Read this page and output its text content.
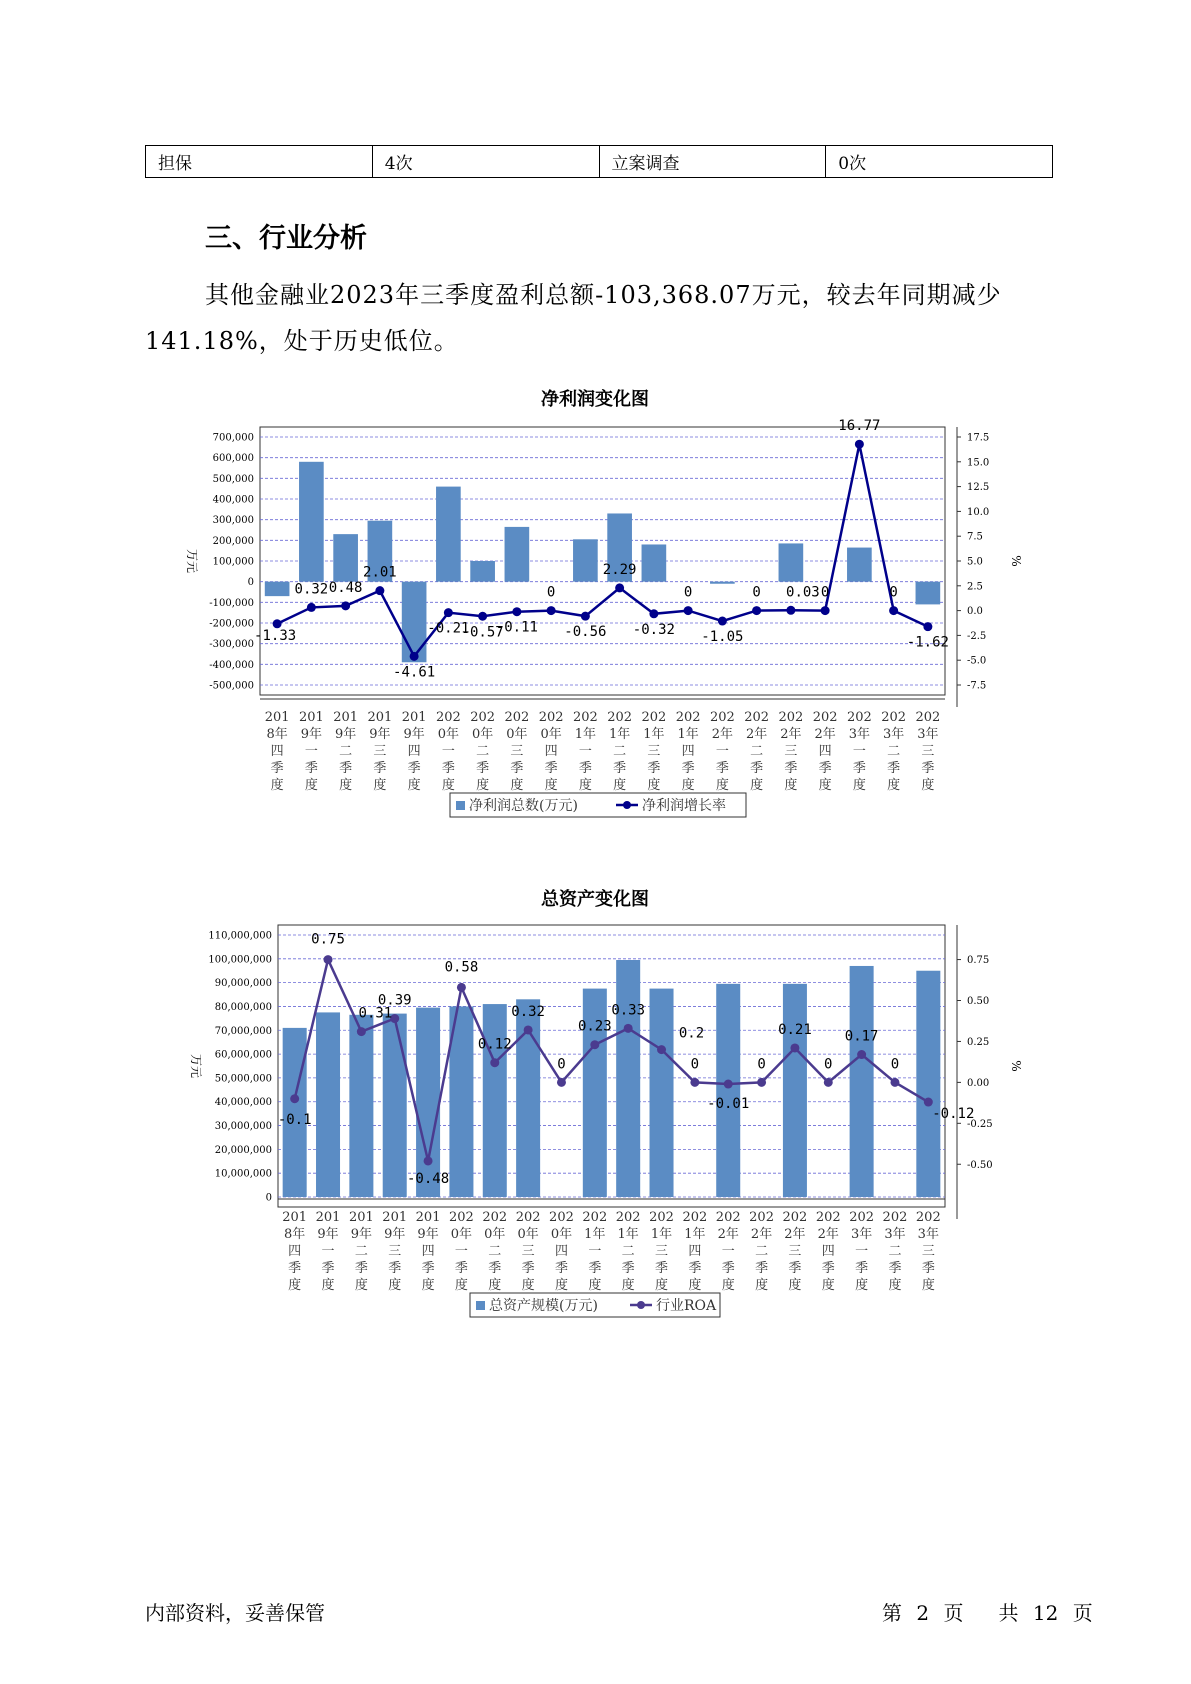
担保	4次	立案调查	0次
三、行业分析

其他金融业2023年三季度盈利总额-103,368.07万元，较去年同期减少141.18%，处于历史低位。

净利润变化图
700,000
600,000
500,000
400,000
300,000
200,000
100,000
0
-100,000
-200,000
-300,000
-400,000
-500,000
万元
17.5
15.0
12.5
10.0
7.5
5.0
2.5
0.0
-2.5
-5.0
-7.5
%
-1.33
0.32 0.48
2.01
-4.61
-0.21
-0.57
-0.11
0
-0.56
2.29
-0.32
0
-1.05
0 0.03 0
16.77
0
-1.62
201
8年
四
季
度
201
9年
一
季
度
201
9年
二
季
度
201
9年
三
季
度
201
9年
四
季
度
202
0年
一
季
度
202
0年
二
季
度
202
0年
三
季
度
202
0年
四
季
度
202
1年
一
季
度
202
1年
二
季
度
202
1年
三
季
度
202
1年
四
季
度
202
2年
一
季
度
202
2年
二
季
度
202
2年
三
季
度
202
2年
四
季
度
202
3年
一
季
度
202
3年
二
季
度
202
3年
三
季
度
净利润总数(万元)	净利润增长率
总资产变化图
110,000,000
100,000,000
90,000,000
80,000,000
70,000,000
60,000,000
50,000,000
40,000,000
30,000,000
20,000,000
10,000,000
0
万元
0.75
0.50
0.25
0.00
-0.25
-0.50
%
-0.1
0.75
0.31
0.39
-0.48
0.58
0.12
0.32
0
0.23
0.33
0.2
0
-0.01
0
0.21
0
0.17
0
-0.12
201
8年
四
季
度
201
9年
一
季
度
201
9年
二
季
度
201
9年
三
季
度
201
9年
四
季
度
202
0年
一
季
度
202
0年
二
季
度
202
0年
三
季
度
202
0年
四
季
度
202
1年
一
季
度
202
1年
二
季
度
202
1年
三
季
度
202
1年
四
季
度
202
2年
一
季
度
202
2年
二
季
度
202
2年
三
季
度
202
2年
四
季
度
202
3年
一
季
度
202
3年
二
季
度
202
3年
三
季
度
总资产规模(万元)	行业ROA
内部资料，妥善保管	第 2 页 共 12 页
